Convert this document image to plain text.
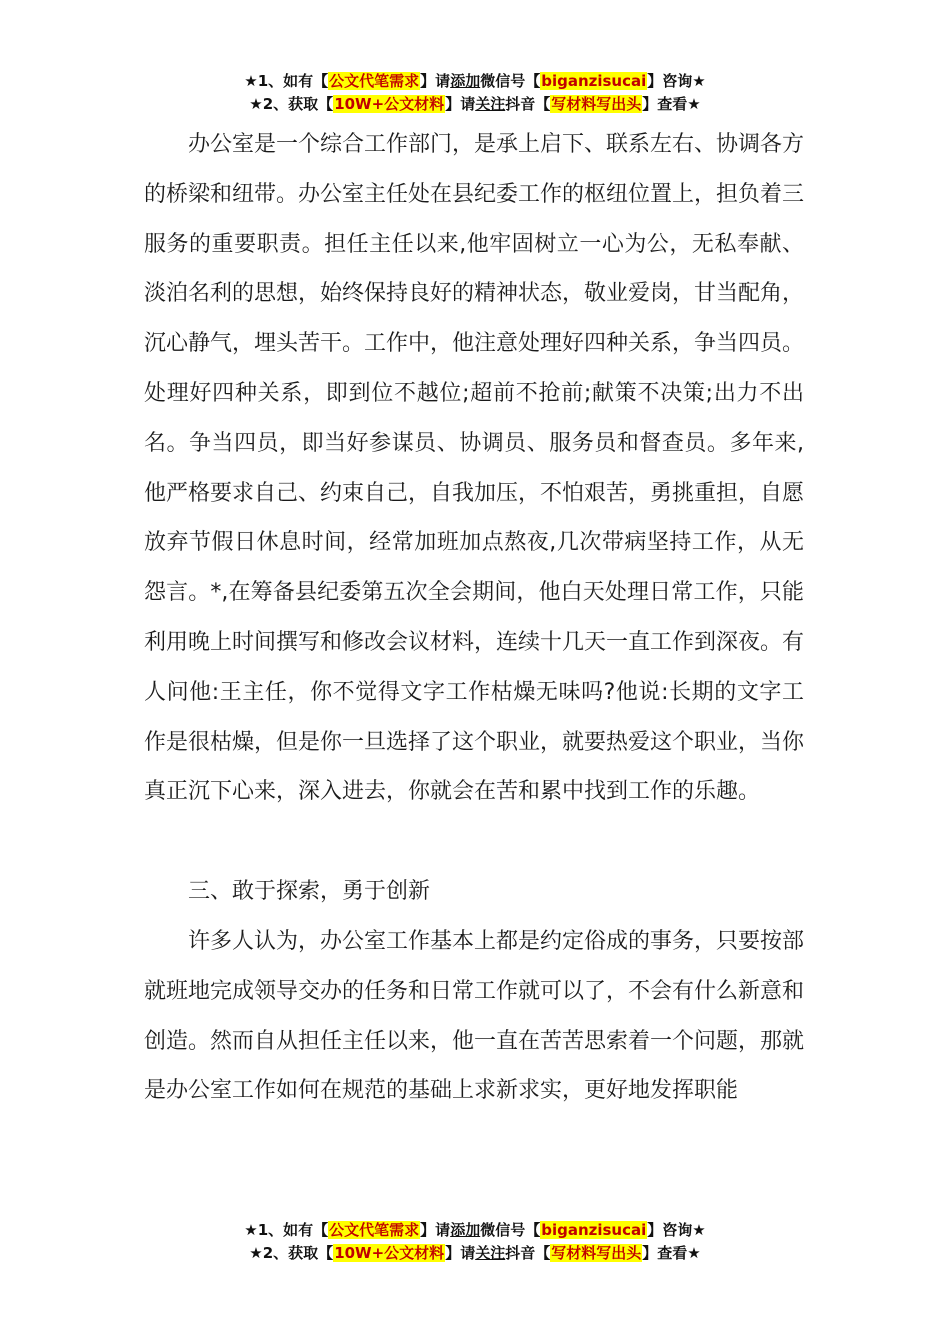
★1、如有【公文代笔需求】请添加微信号【biganzisucai】咨询★
★2、获取【10W+公文材料】请关注抖音【写材料写出头】查看★

办公室是一个综合工作部门，是承上启下、联系左右、协调各方的桥梁和纽带。办公室主任处在县纪委工作的枢纽位置上，担负着三服务的重要职责。担任主任以来,他牢固树立一心为公，无私奉献、淡泊名利的思想，始终保持良好的精神状态，敬业爱岗，甘当配角，沉心静气，埋头苦干。工作中，他注意处理好四种关系，争当四员。处理好四种关系，即到位不越位;超前不抢前;献策不决策;出力不出名。争当四员，即当好参谋员、协调员、服务员和督查员。多年来,他严格要求自己、约束自己，自我加压，不怕艰苦，勇挑重担，自愿放弃节假日休息时间，经常加班加点熬夜,几次带病坚持工作，从无怨言。*,在筹备县纪委第五次全会期间，他白天处理日常工作，只能利用晚上时间撰写和修改会议材料，连续十几天一直工作到深夜。有人问他:王主任，你不觉得文字工作枯燥无味吗?他说:长期的文字工作是很枯燥，但是你一旦选择了这个职业，就要热爱这个职业，当你真正沉下心来，深入进去，你就会在苦和累中找到工作的乐趣。

三、敢于探索，勇于创新

许多人认为，办公室工作基本上都是约定俗成的事务，只要按部就班地完成领导交办的任务和日常工作就可以了，不会有什么新意和创造。然而自从担任主任以来，他一直在苦苦思索着一个问题，那就是办公室工作如何在规范的基础上求新求实，更好地发挥职能

★1、如有【公文代笔需求】请添加微信号【biganzisucai】咨询★
★2、获取【10W+公文材料】请关注抖音【写材料写出头】查看★
